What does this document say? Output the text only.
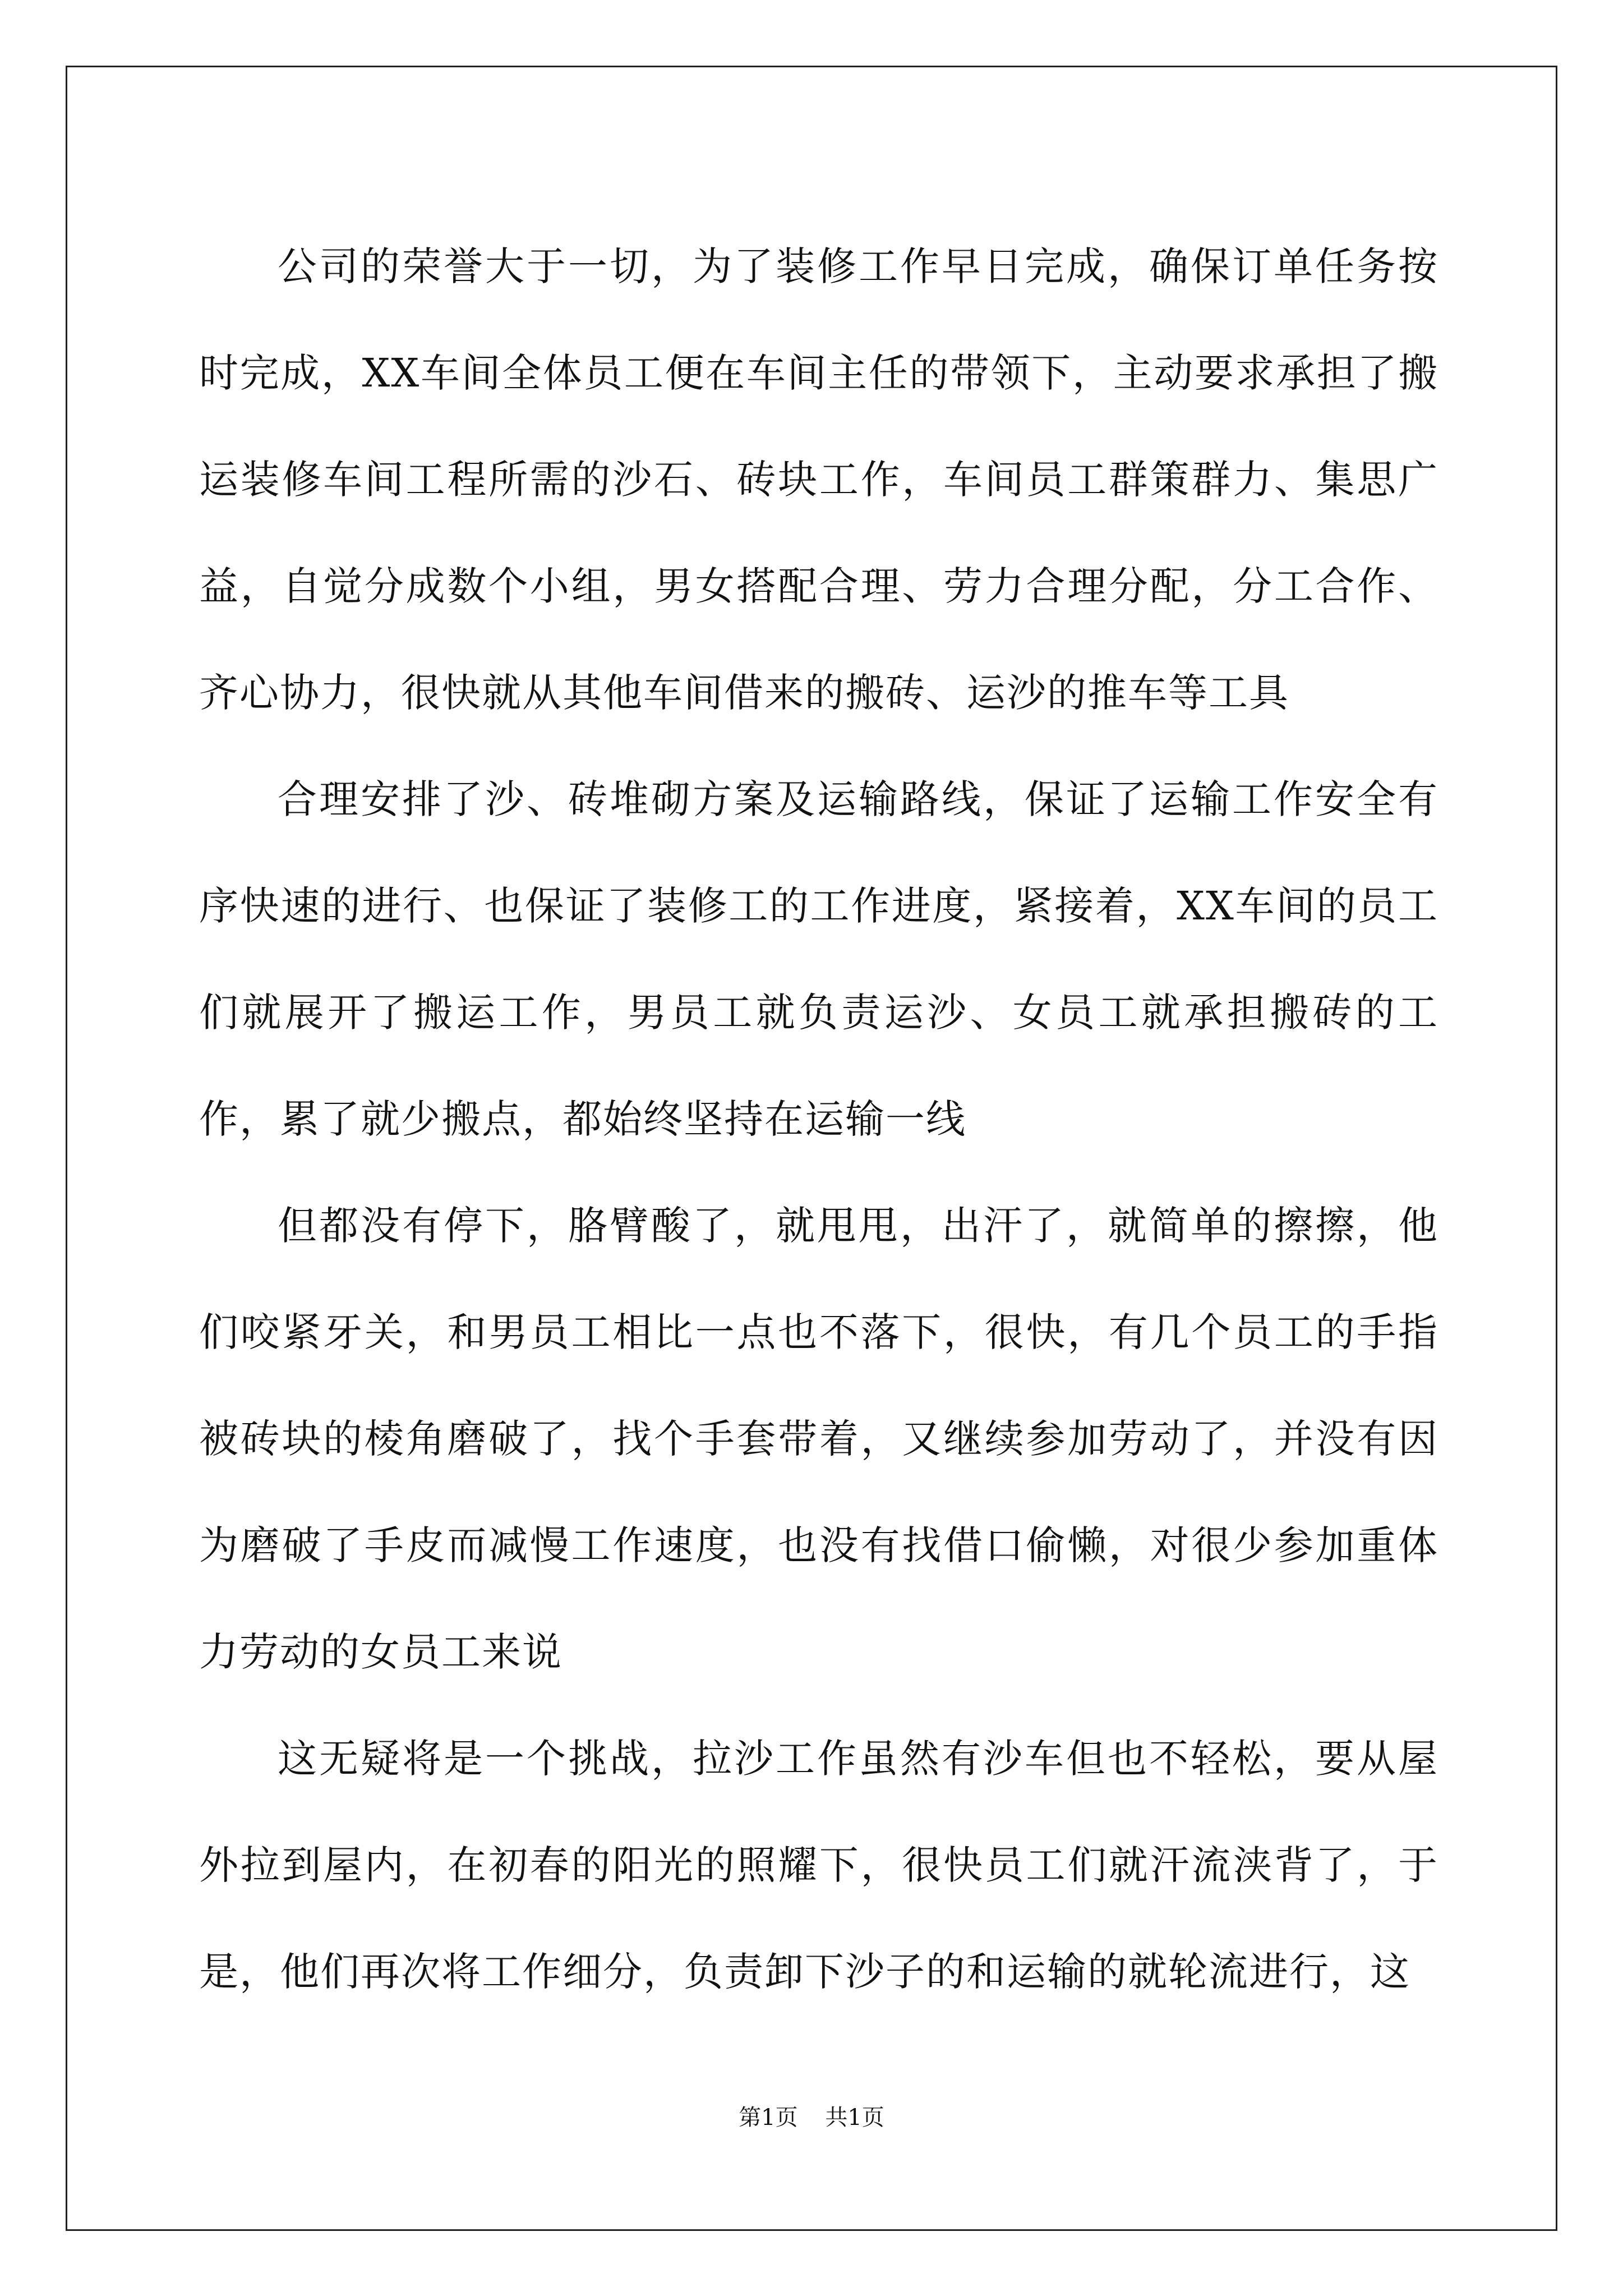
公司的荣誉大于一切，为了装修工作早日完成，确保订单任务按时完成，XX车间全体员工便在车间主任的带领下，主动要求承担了搬运装修车间工程所需的沙石、砖块工作，车间员工群策群力、集思广益，自觉分成数个小组，男女搭配合理、劳力合理分配，分工合作、齐心协力，很快就从其他车间借来的搬砖、运沙的推车等工具

合理安排了沙、砖堆砌方案及运输路线，保证了运输工作安全有序快速的进行、也保证了装修工的工作进度，紧接着，XX车间的员工们就展开了搬运工作，男员工就负责运沙、女员工就承担搬砖的工作，累了就少搬点，都始终坚持在运输一线

但都没有停下，胳臂酸了，就甩甩，出汗了，就简单的擦擦，他们咬紧牙关，和男员工相比一点也不落下，很快，有几个员工的手指被砖块的棱角磨破了，找个手套带着，又继续参加劳动了，并没有因为磨破了手皮而减慢工作速度，也没有找借口偷懒，对很少参加重体力劳动的女员工来说

这无疑将是一个挑战，拉沙工作虽然有沙车但也不轻松，要从屋外拉到屋内，在初春的阳光的照耀下，很快员工们就汗流浃背了，于是，他们再次将工作细分，负责卸下沙子的和运输的就轮流进行，这

第1页 共1页
